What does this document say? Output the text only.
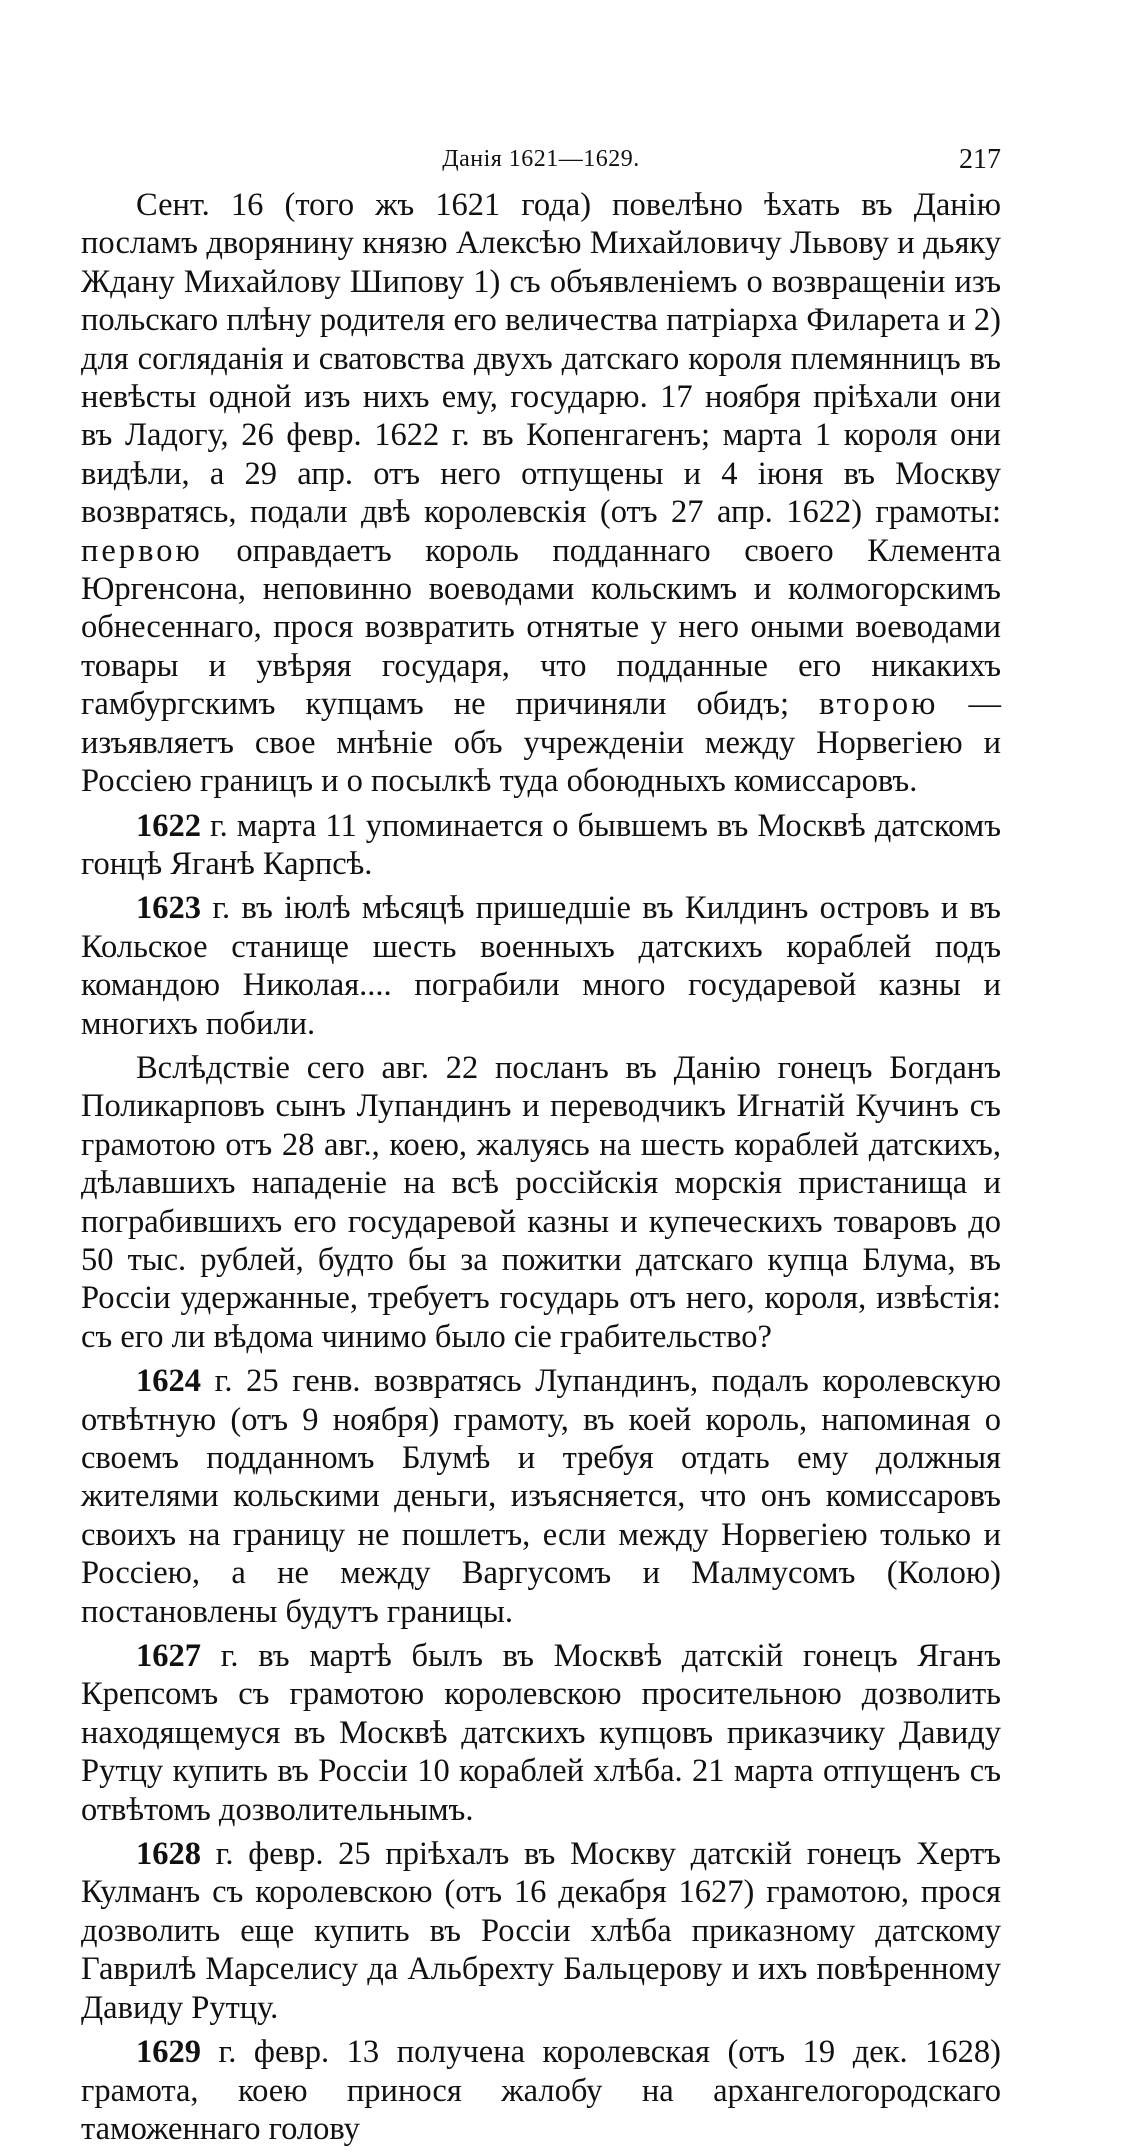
Данія 1621—1629.	217

Сент. 16 (того жъ 1621 года) повелѣно ѣхать въ Данію посламъ дворянину князю Алексѣю Михайловичу Львову и дьяку Ждану Михайлову Шипову 1) съ объявленіемъ о возвращеніи изъ польскаго плѣну родителя его величества патріарха Филарета и 2) для согляданія и сватовства двухъ датскаго короля племянницъ въ невѣсты одной изъ нихъ ему, государю. 17 ноября пріѣхали они въ Ладогу, 26 февр. 1622 г. въ Копенгагенъ; марта 1 короля они видѣли, а 29 апр. отъ него отпущены и 4 іюня въ Москву возвратясь, подали двѣ королевскія (отъ 27 апр. 1622) грамоты: первою оправдаетъ король подданнаго своего Клемента Юргенсона, неповинно воеводами кольскимъ и колмогорскимъ обнесеннаго, прося возвратить отнятые у него оными воеводами товары и увѣряя государя, что подданные его никакихъ гамбургскимъ купцамъ не причиняли обидъ; второю — изъявляетъ свое мнѣніе объ учрежденіи между Норвегіею и Россіею границъ и о посылкѣ туда обоюдныхъ комиссаровъ.

1622 г. марта 11 упоминается о бывшемъ въ Москвѣ датскомъ гонцѣ Яганѣ Карпсѣ.

1623 г. въ іюлѣ мѣсяцѣ пришедшіе въ Килдинъ островъ и въ Кольское станище шесть военныхъ датскихъ кораблей подъ командою Николая.... пограбили много государевой казны и многихъ побили.

Вслѣдствіе сего авг. 22 посланъ въ Данію гонецъ Богданъ Поликарповъ сынъ Лупандинъ и переводчикъ Игнатій Кучинъ съ грамотою отъ 28 авг., коею, жалуясь на шесть кораблей датскихъ, дѣлавшихъ нападеніе на всѣ россійскія морскія пристанища и пограбившихъ его государевой казны и купеческихъ товаровъ до 50 тыс. рублей, будто бы за пожитки датскаго купца Блума, въ Россіи удержанные, требуетъ государь отъ него, короля, извѣстія: съ его ли вѣдома чинимо было сіе грабительство?

1624 г. 25 генв. возвратясь Лупандинъ, подалъ королевскую отвѣтную (отъ 9 ноября) грамоту, въ коей король, напоминая о своемъ подданномъ Блумѣ и требуя отдать ему должныя жителями кольскими деньги, изъясняется, что онъ комиссаровъ своихъ на границу не пошлетъ, если между Норвегіею только и Россіею, а не между Варгусомъ и Малмусомъ (Колою) постановлены будутъ границы.

1627 г. въ мартѣ былъ въ Москвѣ датскій гонецъ Яганъ Крепсомъ съ грамотою королевскою просительною дозволить находящемуся въ Москвѣ датскихъ купцовъ приказчику Давиду Рутцу купить въ Россіи 10 кораблей хлѣба. 21 марта отпущенъ съ отвѣтомъ дозволительнымъ.

1628 г. февр. 25 пріѣхалъ въ Москву датскій гонецъ Хертъ Кулманъ съ королевскою (отъ 16 декабря 1627) грамотою, прося дозволить еще купить въ Россіи хлѣба приказному датскому Гаврилѣ Марселису да Альбрехту Бальцерову и ихъ повѣренному Давиду Рутцу.

1629 г. февр. 13 получена королевская (отъ 19 дек. 1628) грамота, коею принося жалобу на архангелогородскаго таможеннаго голову
